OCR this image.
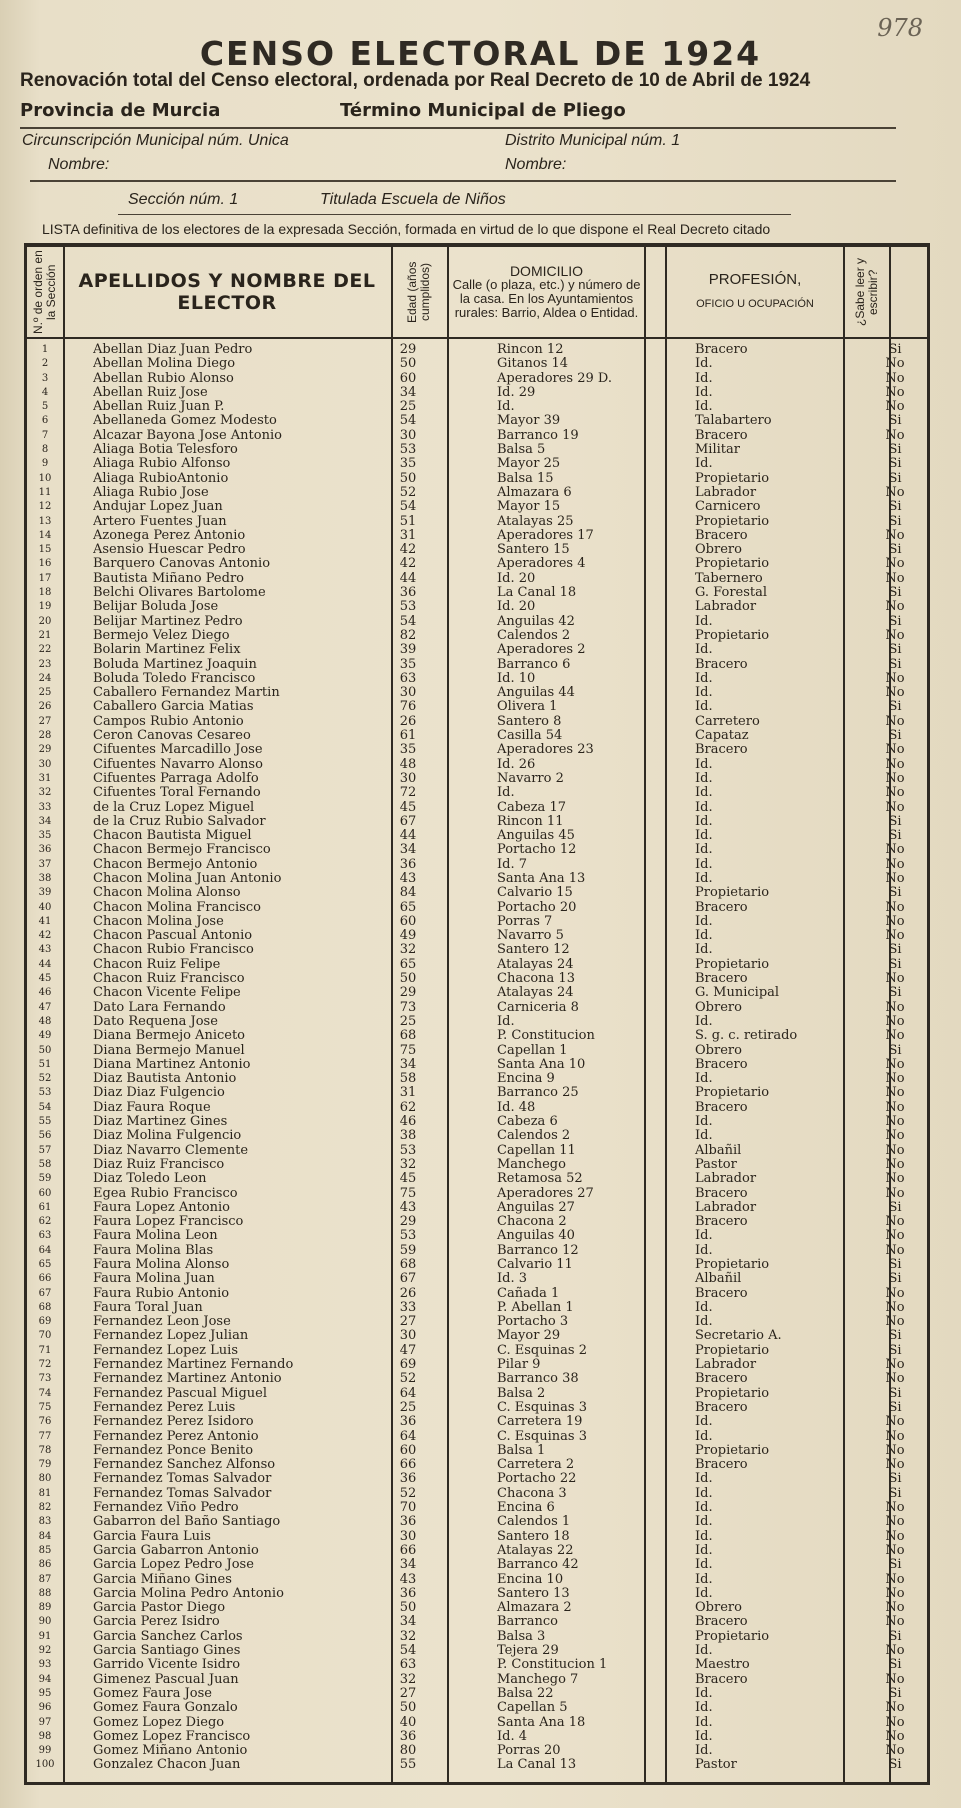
978
CENSO ELECTORAL DE 1924
Renovación total del Censo electoral, ordenada por Real Decreto de 10 de Abril de 1924
Provincia de Murcia	Término Municipal de Pliego
Circunscripción Municipal núm. Unica	Distrito Municipal núm. 1
Nombre:	Nombre:
Sección núm. 1	Titulada Escuela de Niños
LISTA definitiva de los electores de la expresada Sección, formada en virtud de lo que dispone el Real Decreto citado
N.º de orden en la Sección	APELLIDOS Y NOMBRE DEL ELECTOR	Edad (años cumplidos)	DOMICILIO
Calle (o plaza, etc.) y número de la casa. En los Ayuntamientos rurales: Barrio, Aldea o Entidad.
PROFESIÓN,
OFICIO U OCUPACIÓN	¿Sabe leer y escribir?
1	Abellan Diaz Juan Pedro	29	Rincon 12	Bracero	Si
2	Abellan Molina Diego	50	Gitanos 14	Id.	No
3	Abellan Rubio Alonso	60	Aperadores 29 D.	Id.	No
4	Abellan Ruiz Jose	34	Id. 29	Id.	No
5	Abellan Ruiz Juan P.	25	Id.	Id.	No
6	Abellaneda Gomez Modesto	54	Mayor 39	Talabartero	Si
7	Alcazar Bayona Jose Antonio	30	Barranco 19	Bracero	No
8	Aliaga Botia Telesforo	53	Balsa 5	Militar	Si
9	Aliaga Rubio Alfonso	35	Mayor 25	Id.	Si
10	Aliaga RubioAntonio	50	Balsa 15	Propietario	Si
11	Aliaga Rubio Jose	52	Almazara 6	Labrador	No
12	Andujar Lopez Juan	54	Mayor 15	Carnicero	Si
13	Artero Fuentes Juan	51	Atalayas 25	Propietario	Si
14	Azonega Perez Antonio	31	Aperadores 17	Bracero	No
15	Asensio Huescar Pedro	42	Santero 15	Obrero	Si
16	Barquero Canovas Antonio	42	Aperadores 4	Propietario	No
17	Bautista Miñano Pedro	44	Id. 20	Tabernero	No
18	Belchi Olivares Bartolome	36	La Canal 18	G. Forestal	Si
19	Belijar Boluda Jose	53	Id. 20	Labrador	No
20	Belijar Martinez Pedro	54	Anguilas 42	Id.	Si
21	Bermejo Velez Diego	82	Calendos 2	Propietario	No
22	Bolarin Martinez Felix	39	Aperadores 2	Id.	Si
23	Boluda Martinez Joaquin	35	Barranco 6	Bracero	Si
24	Boluda Toledo Francisco	63	Id. 10	Id.	No
25	Caballero Fernandez Martin	30	Anguilas 44	Id.	No
26	Caballero Garcia Matias	76	Olivera 1	Id.	Si
27	Campos Rubio Antonio	26	Santero 8	Carretero	No
28	Ceron Canovas Cesareo	61	Casilla 54	Capataz	Si
29	Cifuentes Marcadillo Jose	35	Aperadores 23	Bracero	No
30	Cifuentes Navarro Alonso	48	Id. 26	Id.	No
31	Cifuentes Parraga Adolfo	30	Navarro 2	Id.	No
32	Cifuentes Toral Fernando	72	Id.	Id.	No
33	de la Cruz Lopez Miguel	45	Cabeza 17	Id.	No
34	de la Cruz Rubio Salvador	67	Rincon 11	Id.	Si
35	Chacon Bautista Miguel	44	Anguilas 45	Id.	Si
36	Chacon Bermejo Francisco	34	Portacho 12	Id.	No
37	Chacon Bermejo Antonio	36	Id. 7	Id.	No
38	Chacon Molina Juan Antonio	43	Santa Ana 13	Id.	No
39	Chacon Molina Alonso	84	Calvario 15	Propietario	Si
40	Chacon Molina Francisco	65	Portacho 20	Bracero	No
41	Chacon Molina Jose	60	Porras 7	Id.	No
42	Chacon Pascual Antonio	49	Navarro 5	Id.	No
43	Chacon Rubio Francisco	32	Santero 12	Id.	Si
44	Chacon Ruiz Felipe	65	Atalayas 24	Propietario	Si
45	Chacon Ruiz Francisco	50	Chacona 13	Bracero	No
46	Chacon Vicente Felipe	29	Atalayas 24	G. Municipal	Si
47	Dato Lara Fernando	73	Carniceria 8	Obrero	No
48	Dato Requena Jose	25	Id.	Id.	No
49	Diana Bermejo Aniceto	68	P. Constitucion	S. g. c. retirado	No
50	Diana Bermejo Manuel	75	Capellan 1	Obrero	Si
51	Diana Martinez Antonio	34	Santa Ana 10	Bracero	No
52	Diaz Bautista Antonio	58	Encina 9	Id.	No
53	Diaz Diaz Fulgencio	31	Barranco 25	Propietario	No
54	Diaz Faura Roque	62	Id. 48	Bracero	No
55	Diaz Martinez Gines	46	Cabeza 6	Id.	No
56	Diaz Molina Fulgencio	38	Calendos 2	Id.	No
57	Diaz Navarro Clemente	53	Capellan 11	Albañil	No
58	Diaz Ruiz Francisco	32	Manchego	Pastor	No
59	Diaz Toledo Leon	45	Retamosa 52	Labrador	No
60	Egea Rubio Francisco	75	Aperadores 27	Bracero	No
61	Faura Lopez Antonio	43	Anguilas 27	Labrador	Si
62	Faura Lopez Francisco	29	Chacona 2	Bracero	No
63	Faura Molina Leon	53	Anguilas 40	Id.	No
64	Faura Molina Blas	59	Barranco 12	Id.	No
65	Faura Molina Alonso	68	Calvario 11	Propietario	Si
66	Faura Molina Juan	67	Id. 3	Albañil	Si
67	Faura Rubio Antonio	26	Cañada 1	Bracero	No
68	Faura Toral Juan	33	P. Abellan 1	Id.	No
69	Fernandez Leon Jose	27	Portacho 3	Id.	No
70	Fernandez Lopez Julian	30	Mayor 29	Secretario A.	Si
71	Fernandez Lopez Luis	47	C. Esquinas 2	Propietario	Si
72	Fernandez Martinez Fernando	69	Pilar 9	Labrador	No
73	Fernandez Martinez Antonio	52	Barranco 38	Bracero	No
74	Fernandez Pascual Miguel	64	Balsa 2	Propietario	Si
75	Fernandez Perez Luis	25	C. Esquinas 3	Bracero	Si
76	Fernandez Perez Isidoro	36	Carretera 19	Id.	No
77	Fernandez Perez Antonio	64	C. Esquinas 3	Id.	No
78	Fernandez Ponce Benito	60	Balsa 1	Propietario	No
79	Fernandez Sanchez Alfonso	66	Carretera 2	Bracero	No
80	Fernandez Tomas Salvador	36	Portacho 22	Id.	Si
81	Fernandez Tomas Salvador	52	Chacona 3	Id.	Si
82	Fernandez Viño Pedro	70	Encina 6	Id.	No
83	Gabarron del Baño Santiago	36	Calendos 1	Id.	No
84	Garcia Faura Luis	30	Santero 18	Id.	No
85	Garcia Gabarron Antonio	66	Atalayas 22	Id.	No
86	Garcia Lopez Pedro Jose	34	Barranco 42	Id.	Si
87	Garcia Miñano Gines	43	Encina 10	Id.	No
88	Garcia Molina Pedro Antonio	36	Santero 13	Id.	No
89	Garcia Pastor Diego	50	Almazara 2	Obrero	No
90	Garcia Perez Isidro	34	Barranco	Bracero	No
91	Garcia Sanchez Carlos	32	Balsa 3	Propietario	Si
92	Garcia Santiago Gines	54	Tejera 29	Id.	No
93	Garrido Vicente Isidro	63	P. Constitucion 1	Maestro	Si
94	Gimenez Pascual Juan	32	Manchego 7	Bracero	No
95	Gomez Faura Jose	27	Balsa 22	Id.	Si
96	Gomez Faura Gonzalo	50	Capellan 5	Id.	No
97	Gomez Lopez Diego	40	Santa Ana 18	Id.	No
98	Gomez Lopez Francisco	36	Id. 4	Id.	No
99	Gomez Miñano Antonio	80	Porras 20	Id.	No
100	Gonzalez Chacon Juan	55	La Canal 13	Pastor	Si
